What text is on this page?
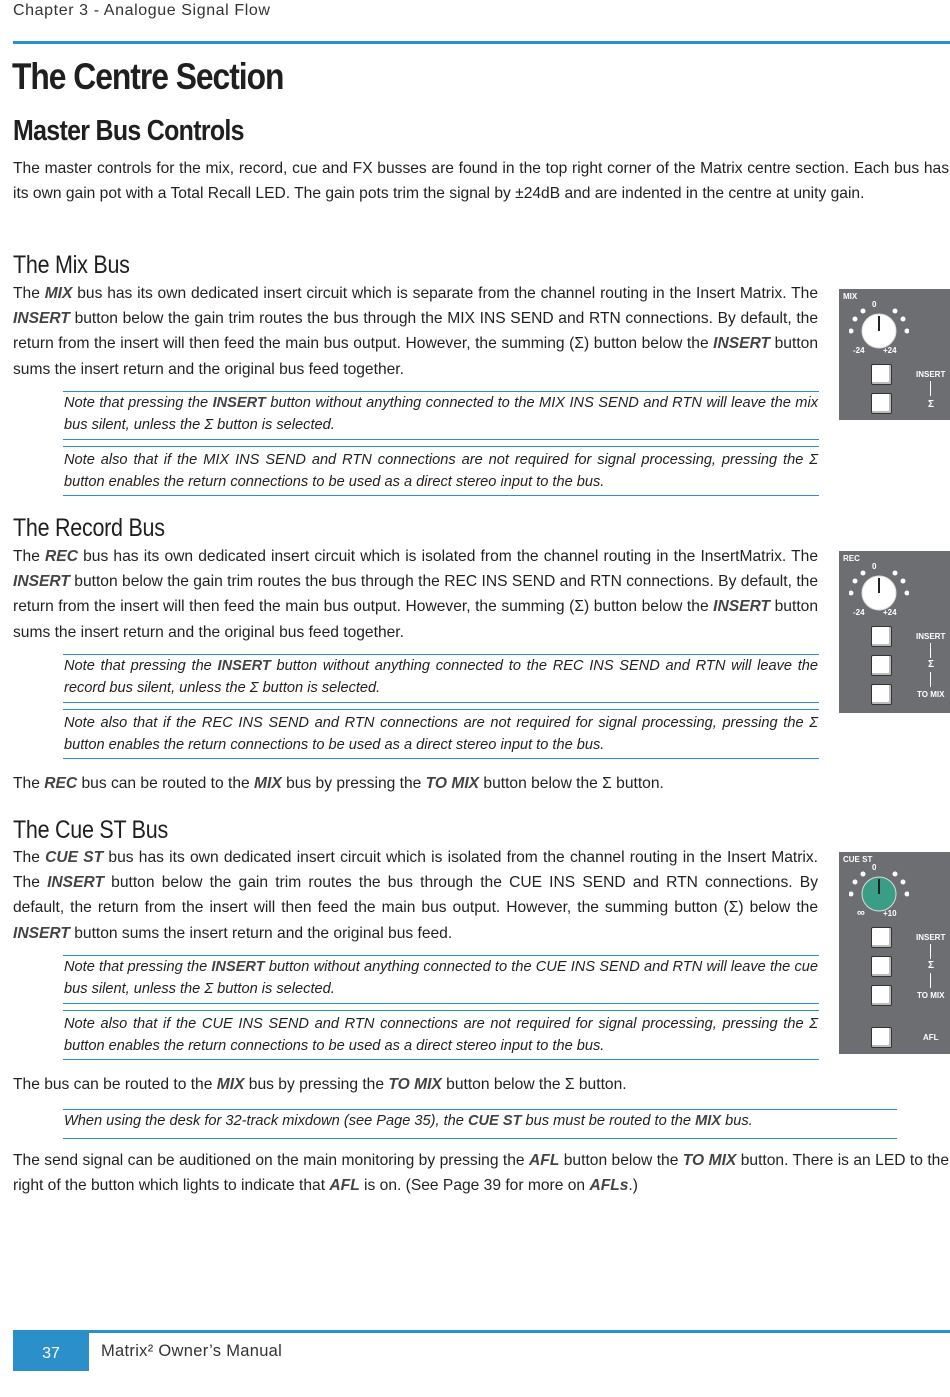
Chapter 3 - Analogue Signal Flow
The Centre Section
Master Bus Controls
The master controls for the mix, record, cue and FX busses are found in the top right corner of the Matrix centre section. Each bus has its own gain pot with a Total Recall LED. The gain pots trim the signal by ±24dB and are indented in the centre at unity gain.
The Mix Bus
The MIX bus has its own dedicated insert circuit which is separate from the channel routing in the Insert Matrix. The INSERT button below the gain trim routes the bus through the MIX INS SEND and RTN connections. By default, the return from the insert will then feed the main bus output. However, the summing (Σ) button below the INSERT button sums the insert return and the original bus feed together.
Note that pressing the INSERT button without anything connected to the MIX INS SEND and RTN will leave the mix bus silent, unless the Σ button is selected.
Note also that if the MIX INS SEND and RTN connections are not required for signal processing, pressing the Σ button enables the return connections to be used as a direct stereo input to the bus.
MIX
0
-24 +24
INSERT
Σ
The Record Bus
The REC bus has its own dedicated insert circuit which is isolated from the channel routing in the InsertMatrix. The INSERT button below the gain trim routes the bus through the REC INS SEND and RTN connections. By default, the return from the insert will then feed the main bus output. However, the summing (Σ) button below the INSERT button sums the insert return and the original bus feed together.
Note that pressing the INSERT button without anything connected to the REC INS SEND and RTN will leave the record bus silent, unless the Σ button is selected.
Note also that if the REC INS SEND and RTN connections are not required for signal processing, pressing the Σ button enables the return connections to be used as a direct stereo input to the bus.
The REC bus can be routed to the MIX bus by pressing the TO MIX button below the Σ button.
REC
0
-24 +24
INSERT
Σ
TO MIX
The Cue ST Bus
The CUE ST bus has its own dedicated insert circuit which is isolated from the channel routing in the Insert Matrix. The INSERT button below the gain trim routes the bus through the CUE INS SEND and RTN connections. By default, the return from the insert will then feed the main bus output. However, the summing button (Σ) below the INSERT button sums the insert return and the original bus feed.
Note that pressing the INSERT button without anything connected to the CUE INS SEND and RTN will leave the cue bus silent, unless the Σ button is selected.
Note also that if the CUE INS SEND and RTN connections are not required for signal processing, pressing the Σ button enables the return connections to be used as a direct stereo input to the bus.
The bus can be routed to the MIX bus by pressing the TO MIX button below the Σ button.
When using the desk for 32-track mixdown (see Page 35), the CUE ST bus must be routed to the MIX bus.
The send signal can be auditioned on the main monitoring by pressing the AFL button below the TO MIX button. There is an LED to the right of the button which lights to indicate that AFL is on. (See Page 39 for more on AFLs.)
CUE ST
0
∞ +10
INSERT
Σ
TO MIX
AFL
37	Matrix² Owner’s Manual
